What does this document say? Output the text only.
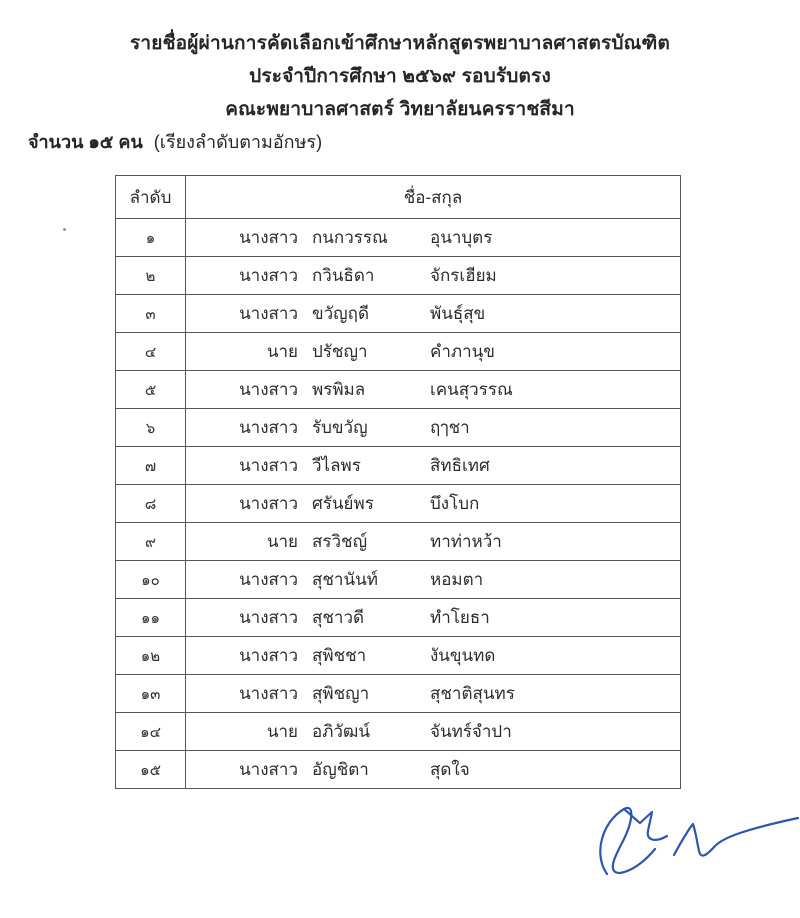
รายชื่อผู้ผ่านการคัดเลือกเข้าศึกษาหลักสูตรพยาบาลศาสตรบัณฑิต
ประจำปีการศึกษา ๒๕๖๙ รอบรับตรง
คณะพยาบาลศาสตร์ วิทยาลัยนครราชสีมา
จำนวน ๑๕ คน (เรียงลำดับตามอักษร)
ลำดับ	ชื่อ-สกุล
๑	นางสาว กนกวรรณ อุนาบุตร

๒	นางสาว กวินธิดา จักรเฮียม

๓	นางสาว ขวัญฤดี พันธุ์สุข

๔	นาย ปรัชญา คำภานุข

๕	นางสาว พรพิมล เคนสุวรรณ

๖	นางสาว รับขวัญ ฤๅชา

๗	นางสาว วีไลพร สิทธิเทศ

๘	นางสาว ศรันย์พร บึงโบก

๙	นาย สรวิชญ์ ทาท่าหว้า

๑๐	นางสาว สุชานันท์ หอมตา

๑๑	นางสาว สุชาวดี ทำโยธา

๑๒	นางสาว สุพิชชา งันขุนทด

๑๓	นางสาว สุพิชญา สุชาติสุนทร

๑๔	นาย อภิวัฒน์ จันทร์จำปา

๑๕	นางสาว อัญชิตา สุดใจ
